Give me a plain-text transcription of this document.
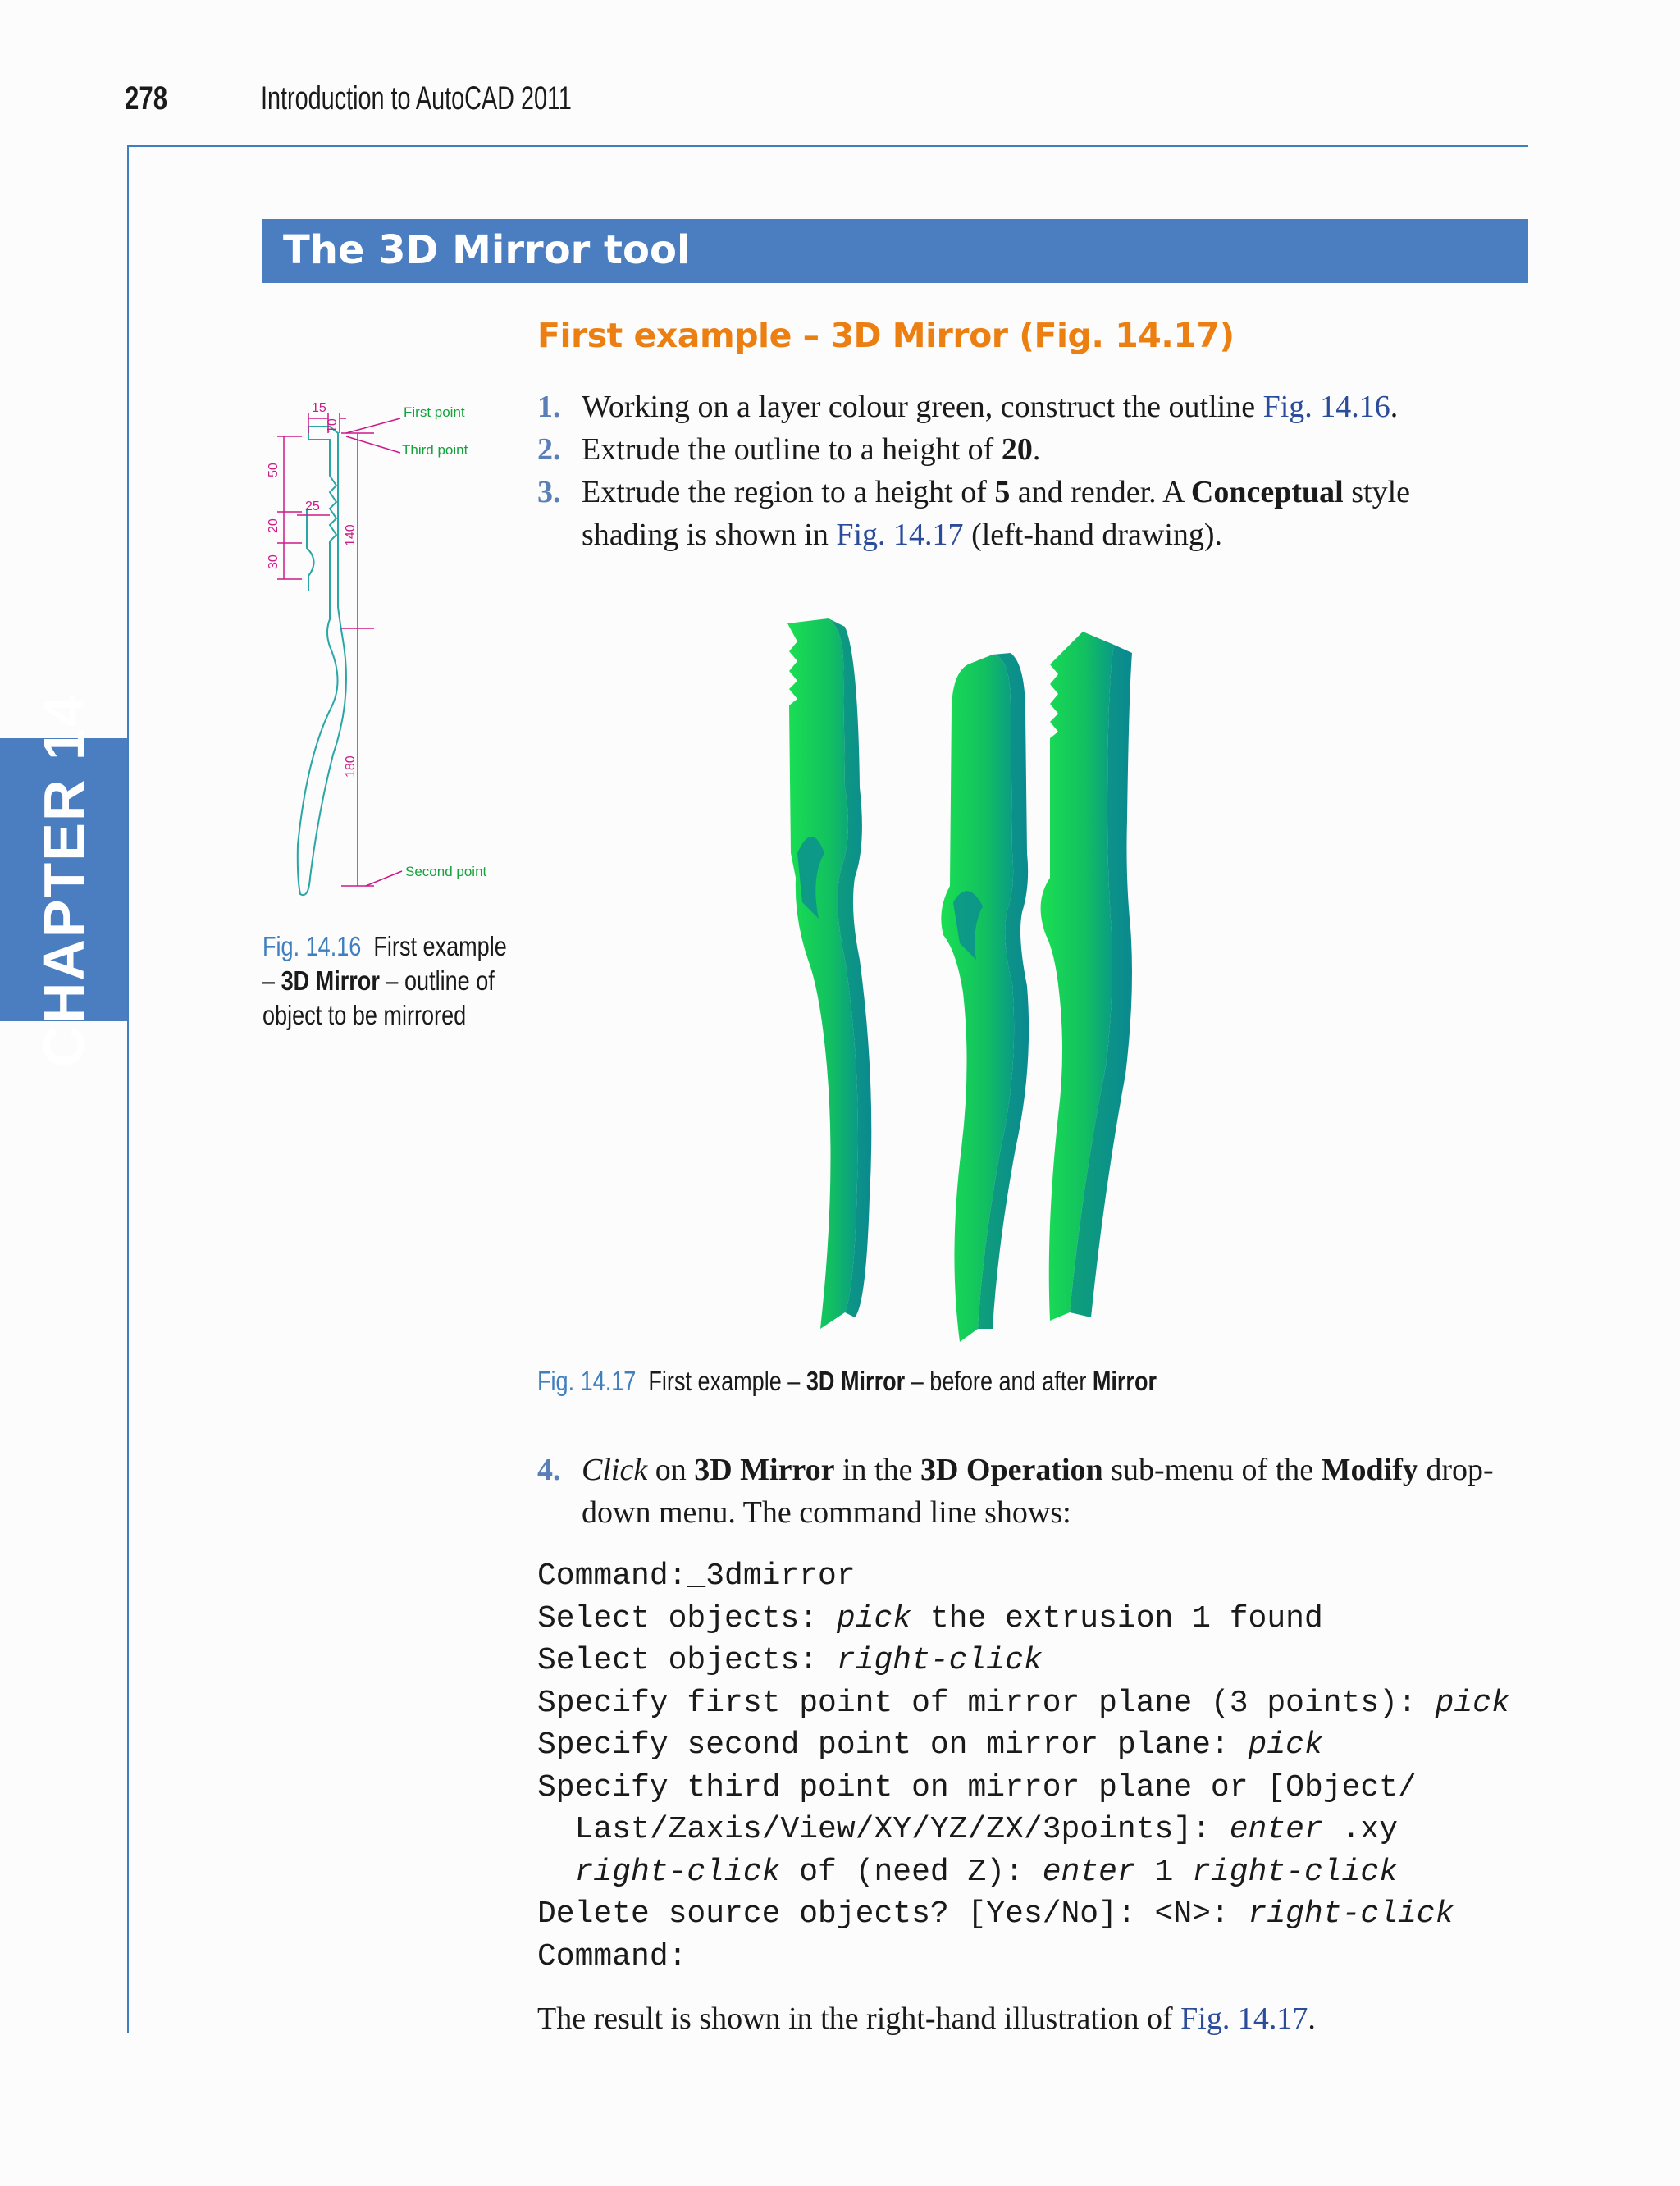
278	Introduction to AutoCAD 2011
CHAPTER 14
The 3D Mirror tool
First example – 3D Mirror (Fig. 14.17)
1. Working on a layer colour green, construct the outline Fig. 14.16.
2. Extrude the outline to a height of 20.
3. Extrude the region to a height of 5 and render. A Conceptual style shading is shown in Fig. 14.17 (left-hand drawing).
15
10
50
20
25
30
140
180
First point
Third point
Second point
Fig. 14.16 First example – 3D Mirror – outline of object to be mirrored
Fig. 14.17 First example – 3D Mirror – before and after Mirror
4. Click on 3D Mirror in the 3D Operation sub-menu of the Modify drop-down menu. The command line shows:
Command:_3dmirror
Select objects: pick the extrusion 1 found
Select objects: right-click
Specify first point of mirror plane (3 points): pick
Specify second point on mirror plane: pick
Specify third point on mirror plane or [Object/
Last/Zaxis/View/XY/YZ/ZX/3points]: enter .xy
right-click of (need Z): enter 1 right-click
Delete source objects? [Yes/No]: <N>: right-click
Command:
The result is shown in the right-hand illustration of Fig. 14.17.
